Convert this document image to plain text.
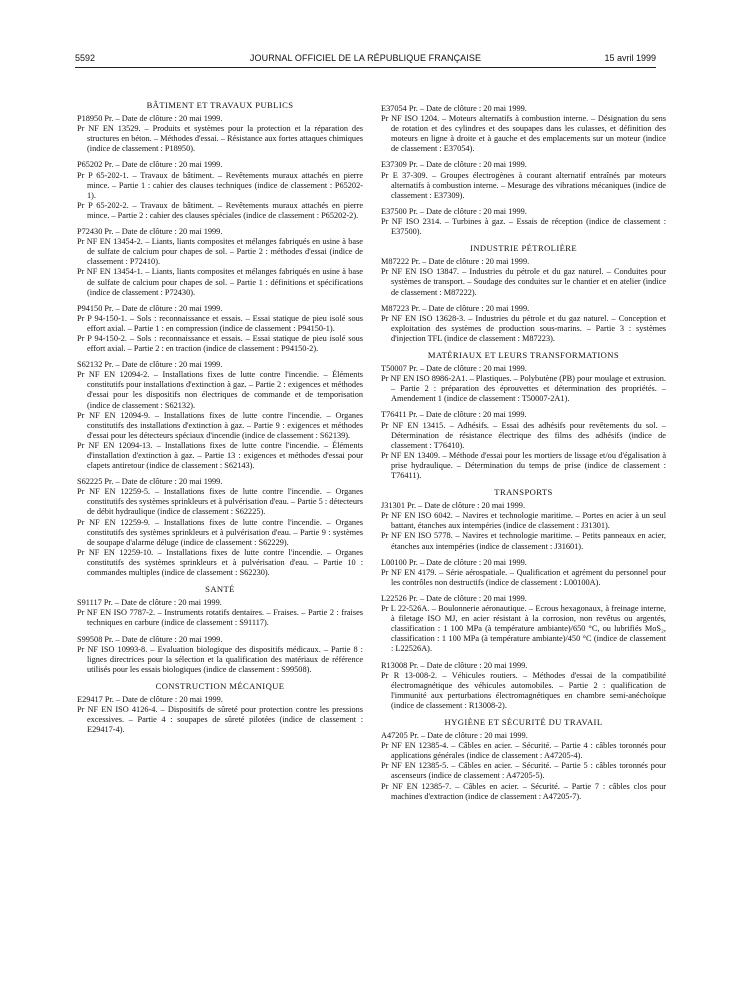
5592	JOURNAL OFFICIEL DE LA RÉPUBLIQUE FRANÇAISE	15 avril 1999
BÂTIMENT ET TRAVAUX PUBLICS

P18950 Pr. – Date de clôture : 20 mai 1999.

Pr NF EN 13529. – Produits et systèmes pour la protection et la réparation des structures en béton. – Méthodes d'essai. – Résistance aux fortes attaques chimiques (indice de classement : P18950).

P65202 Pr. – Date de clôture : 20 mai 1999.

Pr P 65-202-1. – Travaux de bâtiment. – Revêtements muraux attachés en pierre mince. – Partie 1 : cahier des clauses techniques (indice de classement : P65202-1).

Pr P 65-202-2. – Travaux de bâtiment. – Revêtements muraux attachés en pierre mince. – Partie 2 : cahier des clauses spéciales (indice de classement : P65202-2).

P72430 Pr. – Date de clôture : 20 mai 1999.

Pr NF EN 13454-2. – Liants, liants composites et mélanges fabriqués en usine à base de sulfate de calcium pour chapes de sol. – Partie 2 : méthodes d'essai (indice de classement : P72410).

Pr NF EN 13454-1. – Liants, liants composites et mélanges fabriqués en usine à base de sulfate de calcium pour chapes de sol. – Partie 1 : définitions et spécifications (indice de classement : P72430).

P94150 Pr. – Date de clôture : 20 mai 1999.

Pr P 94-150-1. – Sols : reconnaissance et essais. – Essai statique de pieu isolé sous effort axial. – Partie 1 : en compression (indice de classement : P94150-1).

Pr P 94-150-2. – Sols : reconnaissance et essais. – Essai statique de pieu isolé sous effort axial. – Partie 2 : en traction (indice de classement : P94150-2).

S62132 Pr. – Date de clôture : 20 mai 1999.

Pr NF EN 12094-2. – Installations fixes de lutte contre l'incendie. – Éléments constitutifs pour installations d'extinction à gaz. – Partie 2 : exigences et méthodes d'essai pour les dispositifs non électriques de commande et de temporisation (indice de classement : S62132).

Pr NF EN 12094-9. – Installations fixes de lutte contre l'incendie. – Organes constitutifs des installations d'extinction à gaz. – Partie 9 : exigences et méthodes d'essai pour les détecteurs spéciaux d'incendie (indice de classement : S62139).

Pr NF EN 12094-13. – Installations fixes de lutte contre l'incendie. – Éléments d'installation d'extinction à gaz. – Partie 13 : exigences et méthodes d'essai pour clapets antiretour (indice de classement : S62143).

S62225 Pr. – Date de clôture : 20 mai 1999.

Pr NF EN 12259-5. – Installations fixes de lutte contre l'incendie. – Organes constitutifs des systèmes sprinkleurs et à pulvérisation d'eau. – Partie 5 : détecteurs de débit hydraulique (indice de classement : S62225).

Pr NF EN 12259-9. – Installations fixes de lutte contre l'incendie. – Organes constitutifs des systèmes sprinkleurs et à pulvérisation d'eau. – Partie 9 : systèmes de soupape d'alarme déluge (indice de classement : S62229).

Pr NF EN 12259-10. – Installations fixes de lutte contre l'incendie. – Organes constitutifs des systèmes sprinkleurs et à pulvérisation d'eau. – Partie 10 : commandes multiples (indice de classement : S62230).

SANTÉ

S91117 Pr. – Date de clôture : 20 mai 1999.

Pr NF EN ISO 7787-2. – Instruments rotatifs dentaires. – Fraises. – Partie 2 : fraises techniques en carbure (indice de classement : S91117).

S99508 Pr. – Date de clôture : 20 mai 1999.

Pr NF ISO 10993-8. – Evaluation biologique des dispositifs médicaux. – Partie 8 : lignes directrices pour la sélection et la qualification des matériaux de référence utilisés pour les essais biologiques (indice de classement : S99508).

CONSTRUCTION MÉCANIQUE

E29417 Pr. – Date de clôture : 20 mai 1999.

Pr NF EN ISO 4126-4. – Dispositifs de sûreté pour protection contre les pressions excessives. – Partie 4 : soupapes de sûreté pilotées (indice de classement : E29417-4).

E37054 Pr. – Date de clôture : 20 mai 1999.

Pr NF ISO 1204. – Moteurs alternatifs à combustion interne. – Désignation du sens de rotation et des cylindres et des soupapes dans les culasses, et définition des moteurs en ligne à droite et à gauche et des emplacements sur un moteur (indice de classement : E37054).

E37309 Pr. – Date de clôture : 20 mai 1999.

Pr E 37-309. – Groupes électrogènes à courant alternatif entraînés par moteurs alternatifs à combustion interne. – Mesurage des vibrations mécaniques (indice de classement : E37309).

E37500 Pr. – Date de clôture : 20 mai 1999.

Pr NF ISO 2314. – Turbines à gaz. – Essais de réception (indice de classement : E37500).

INDUSTRIE PÉTROLIÈRE

M87222 Pr. – Date de clôture : 20 mai 1999.

Pr NF EN ISO 13847. – Industries du pétrole et du gaz naturel. – Conduites pour systèmes de transport. – Soudage des conduites sur le chantier et en atelier (indice de classement : M87222).

M87223 Pr. – Date de clôture : 20 mai 1999.

Pr NF EN ISO 13628-3. – Industries du pétrole et du gaz naturel. – Conception et exploitation des systèmes de production sous-marins. – Partie 3 : systèmes d'injection TFL (indice de classement : M87223).

MATÉRIAUX ET LEURS TRANSFORMATIONS

T50007 Pr. – Date de clôture : 20 mai 1999.

Pr NF EN ISO 8986-2A1. – Plastiques. – Polybutène (PB) pour moulage et extrusion. – Partie 2 : préparation des éprouvettes et détermination des propriétés. – Amendement 1 (indice de classement : T50007-2A1).

T76411 Pr. – Date de clôture : 20 mai 1999.

Pr NF EN 13415. – Adhésifs. – Essai des adhésifs pour revêtements du sol. – Détermination de résistance électrique des films des adhésifs (indice de classement : T76410).

Pr NF EN 13409. – Méthode d'essai pour les mortiers de lissage et/ou d'égalisation à prise hydraulique. – Détermination du temps de prise (indice de classement : T76411).

TRANSPORTS

J31301 Pr. – Date de clôture : 20 mai 1999.

Pr NF EN ISO 6042. – Navires et technologie maritime. – Portes en acier à un seul battant, étanches aux intempéries (indice de classement : J31301).

Pr NF EN ISO 5778. – Navires et technologie maritime. – Petits panneaux en acier, étanches aux intempéries (indice de classement : J31601).

L00100 Pr. – Date de clôture : 20 mai 1999.

Pr NF EN 4179. – Série aérospatiale. – Qualification et agrément du personnel pour les contrôles non destructifs (indice de classement : L00100A).

L22526 Pr. – Date de clôture : 20 mai 1999.

Pr L 22-526A. – Boulonnerie aéronautique. – Ecrous hexagonaux, à freinage interne, à filetage ISO MJ, en acier résistant à la corrosion, non revêtus ou argentés, classification : 1 100 MPa (à température ambiante)/650 °C, ou lubrifiés MoS₂, classification : 1 100 MPa (à température ambiante)/450 °C (indice de classement : L22526A).

R13008 Pr. – Date de clôture : 20 mai 1999.

Pr R 13-008-2. – Véhicules routiers. – Méthodes d'essai de la compatibilité électromagnétique des véhicules automobiles. – Partie 2 : qualification de l'immunité aux perturbations électromagnétiques en chambre semi-anéchoïque (indice de classement : R13008-2).

HYGIÈNE ET SÉCURITÉ DU TRAVAIL

A47205 Pr. – Date de clôture : 20 mai 1999.

Pr NF EN 12385-4. – Câbles en acier. – Sécurité. – Partie 4 : câbles toronnés pour applications générales (indice de classement : A47205-4).

Pr NF EN 12385-5. – Câbles en acier. – Sécurité. – Partie 5 : câbles toronnés pour ascenseurs (indice de classement : A47205-5).

Pr NF EN 12385-7. – Câbles en acier. – Sécurité. – Partie 7 : câbles clos pour machines d'extraction (indice de classement : A47205-7).
